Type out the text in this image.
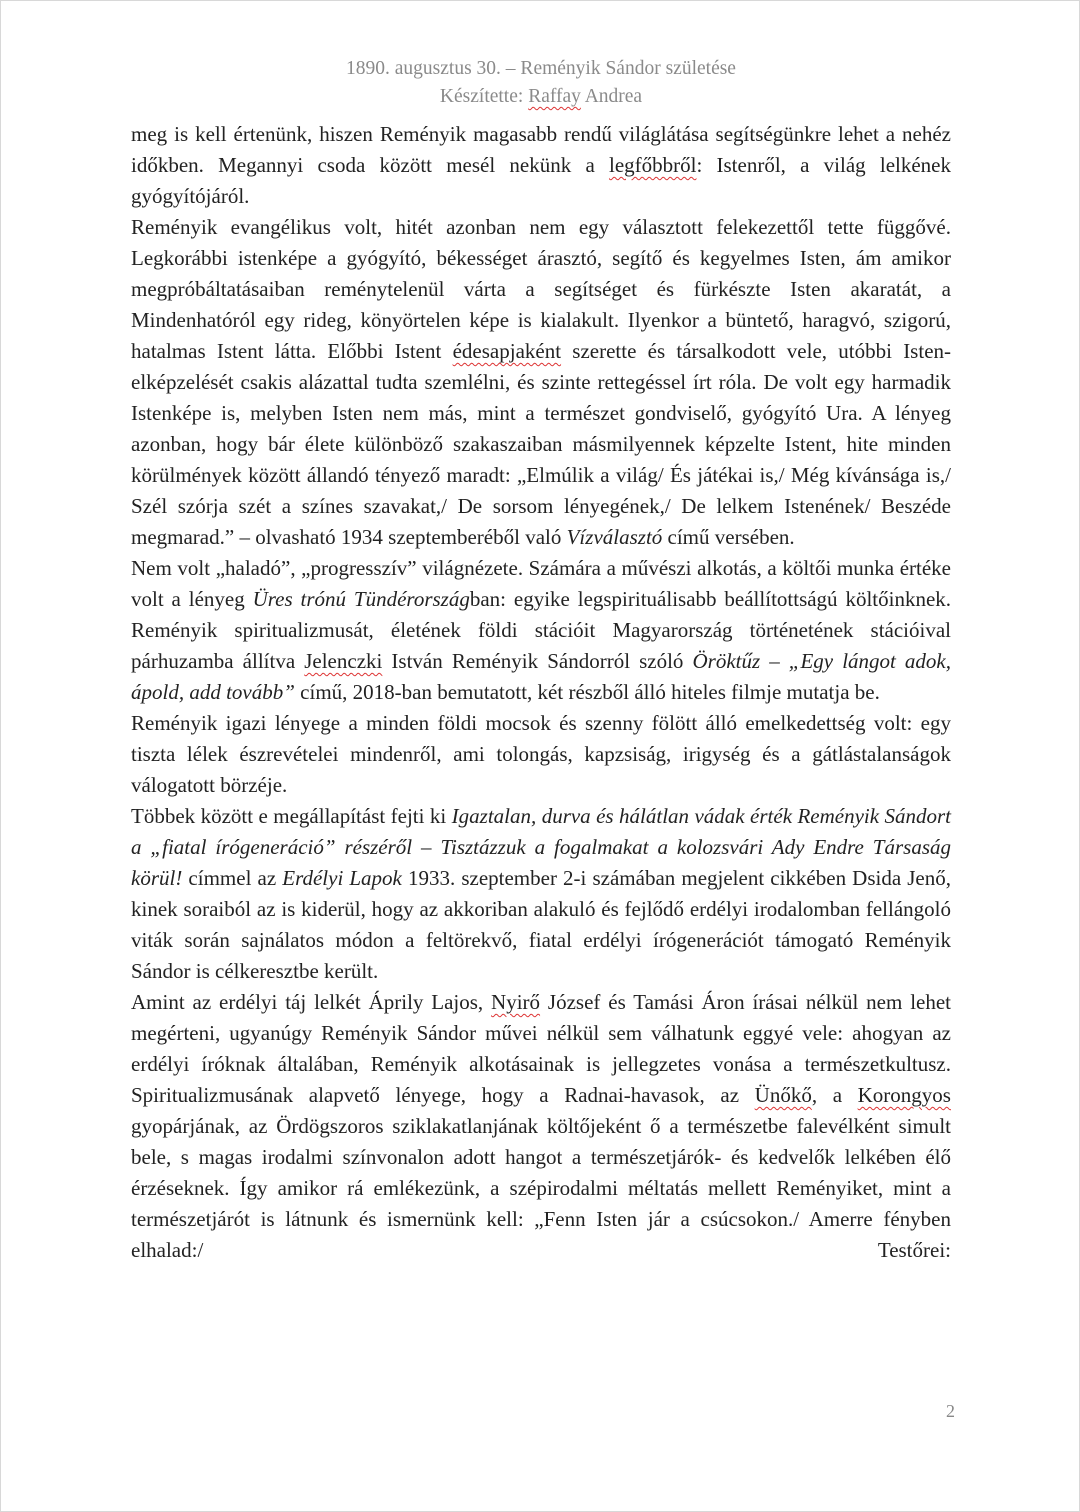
1890. augusztus 30. – Reményik Sándor születése
Készítette: Raffay Andrea

meg is kell értenünk, hiszen Reményik magasabb rendű világlátása segítségünkre lehet a nehéz időkben. Megannyi csoda között mesél nekünk a legfőbbről: Istenről, a világ lelkének gyógyítójáról.

Reményik evangélikus volt, hitét azonban nem egy választott felekezettől tette függővé. Legkorábbi istenképe a gyógyító, békességet árasztó, segítő és kegyelmes Isten, ám amikor megpróbáltatásaiban reménytelenül várta a segítséget és fürkészte Isten akaratát, a Mindenhatóról egy rideg, könyörtelen képe is kialakult. Ilyenkor a büntető, haragvó, szigorú, hatalmas Istent látta. Előbbi Istent édesapjaként szerette és társalkodott vele, utóbbi Isten-elképzelését csakis alázattal tudta szemlélni, és szinte rettegéssel írt róla. De volt egy harmadik Istenképe is, melyben Isten nem más, mint a természet gondviselő, gyógyító Ura. A lényeg azonban, hogy bár élete különböző szakaszaiban másmilyennek képzelte Istent, hite minden körülmények között állandó tényező maradt: „Elmúlik a világ/ És játékai is,/ Még kívánsága is,/ Szél szórja szét a színes szavakat,/ De sorsom lényegének,/ De lelkem Istenének/ Beszéde megmarad.” – olvasható 1934 szeptemberéből való Vízválasztó című versében.

Nem volt „haladó”, „progresszív” világnézete. Számára a művészi alkotás, a költői munka értéke volt a lényeg Üres trónú Tündérországban: egyike legspirituálisabb beállítottságú költőinknek. Reményik spiritualizmusát, életének földi stációit Magyarország történetének stációival párhuzamba állítva Jelenczki István Reményik Sándorról szóló Öröktűz – „Egy lángot adok, ápold, add tovább” című, 2018-ban bemutatott, két részből álló hiteles filmje mutatja be.

Reményik igazi lényege a minden földi mocsok és szenny fölött álló emelkedettség volt: egy tiszta lélek észrevételei mindenről, ami tolongás, kapzsiság, irigység és a gátlástalanságok válogatott börzéje.

Többek között e megállapítást fejti ki Igaztalan, durva és hálátlan vádak érték Reményik Sándort a „fiatal írógeneráció” részéről – Tisztázzuk a fogalmakat a kolozsvári Ady Endre Társaság körül! címmel az Erdélyi Lapok 1933. szeptember 2-i számában megjelent cikkében Dsida Jenő, kinek soraiból az is kiderül, hogy az akkoriban alakuló és fejlődő erdélyi irodalomban fellángoló viták során sajnálatos módon a feltörekvő, fiatal erdélyi írógenerációt támogató Reményik Sándor is célkeresztbe került.

Amint az erdélyi táj lelkét Áprily Lajos, Nyirő József és Tamási Áron írásai nélkül nem lehet megérteni, ugyanúgy Reményik Sándor művei nélkül sem válhatunk eggyé vele: ahogyan az erdélyi íróknak általában, Reményik alkotásainak is jellegzetes vonása a természetkultusz. Spiritualizmusának alapvető lényege, hogy a Radnai-havasok, az Ünőkő, a Korongyos gyopárjának, az Ördögszoros sziklakatlanjának költőjeként ő a természetbe falevélként simult bele, s magas irodalmi színvonalon adott hangot a természetjárók- és kedvelők lelkében élő érzéseknek. Így amikor rá emlékezünk, a szépirodalmi méltatás mellett Reményiket, mint a természetjárót is látnunk és ismernünk kell: „Fenn Isten jár a csúcsokon./ Amerre fényben elhalad:/ Testőrei:

2
